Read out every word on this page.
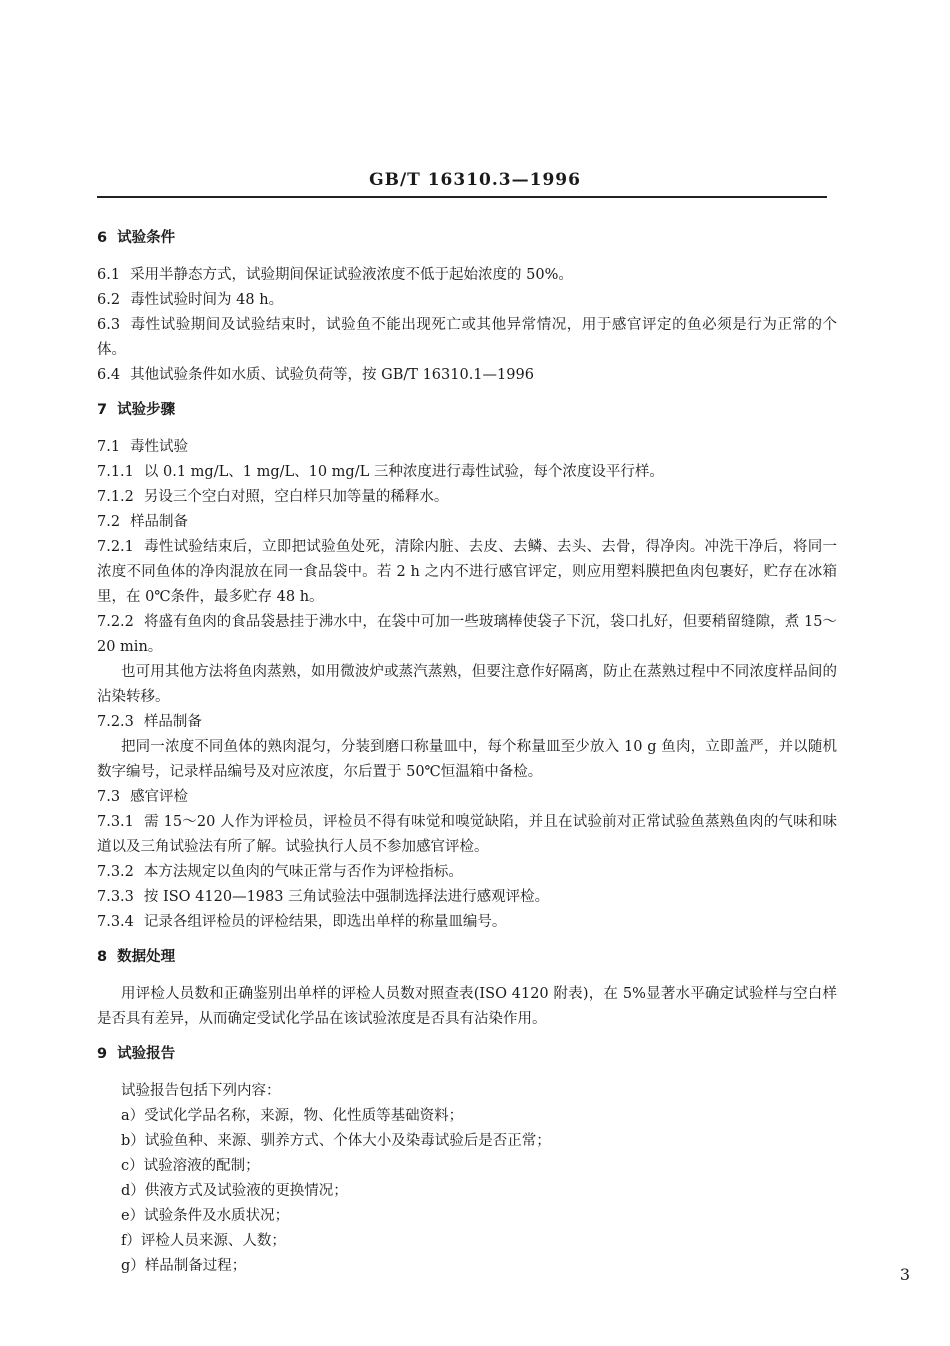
GB/T 16310.3—1996
6 试验条件
6.1 采用半静态方式，试验期间保证试验液浓度不低于起始浓度的 50%。
6.2 毒性试验时间为 48 h。
6.3 毒性试验期间及试验结束时，试验鱼不能出现死亡或其他异常情况，用于感官评定的鱼必须是行为正常的个体。
6.4 其他试验条件如水质、试验负荷等，按 GB/T 16310.1—1996
7 试验步骤
7.1 毒性试验
7.1.1 以 0.1 mg/L、1 mg/L、10 mg/L 三种浓度进行毒性试验，每个浓度设平行样。
7.1.2 另设三个空白对照，空白样只加等量的稀释水。
7.2 样品制备
7.2.1 毒性试验结束后，立即把试验鱼处死，清除内脏、去皮、去鳞、去头、去骨，得净肉。冲洗干净后，将同一浓度不同鱼体的净肉混放在同一食品袋中。若 2 h 之内不进行感官评定，则应用塑料膜把鱼肉包裹好，贮存在冰箱里，在 0℃条件，最多贮存 48 h。
7.2.2 将盛有鱼肉的食品袋悬挂于沸水中，在袋中可加一些玻璃棒使袋子下沉，袋口扎好，但要稍留缝隙，煮 15～20 min。
也可用其他方法将鱼肉蒸熟，如用微波炉或蒸汽蒸熟，但要注意作好隔离，防止在蒸熟过程中不同浓度样品间的沾染转移。
7.2.3 样品制备
把同一浓度不同鱼体的熟肉混匀，分装到磨口称量皿中，每个称量皿至少放入 10 g 鱼肉，立即盖严，并以随机数字编号，记录样品编号及对应浓度，尔后置于 50℃恒温箱中备检。
7.3 感官评检
7.3.1 需 15～20 人作为评检员，评检员不得有味觉和嗅觉缺陷，并且在试验前对正常试验鱼蒸熟鱼肉的气味和味道以及三角试验法有所了解。试验执行人员不参加感官评检。
7.3.2 本方法规定以鱼肉的气味正常与否作为评检指标。
7.3.3 按 ISO 4120—1983 三角试验法中强制选择法进行感观评检。
7.3.4 记录各组评检员的评检结果，即选出单样的称量皿编号。
8 数据处理
用评检人员数和正确鉴别出单样的评检人员数对照查表(ISO 4120 附表)，在 5%显著水平确定试验样与空白样是否具有差异，从而确定受试化学品在该试验浓度是否具有沾染作用。
9 试验报告
试验报告包括下列内容：
a）受试化学品名称，来源，物、化性质等基础资料；
b）试验鱼种、来源、驯养方式、个体大小及染毒试验后是否正常；
c）试验溶液的配制；
d）供液方式及试验液的更换情况；
e）试验条件及水质状况；
f）评检人员来源、人数；
g）样品制备过程；	3
